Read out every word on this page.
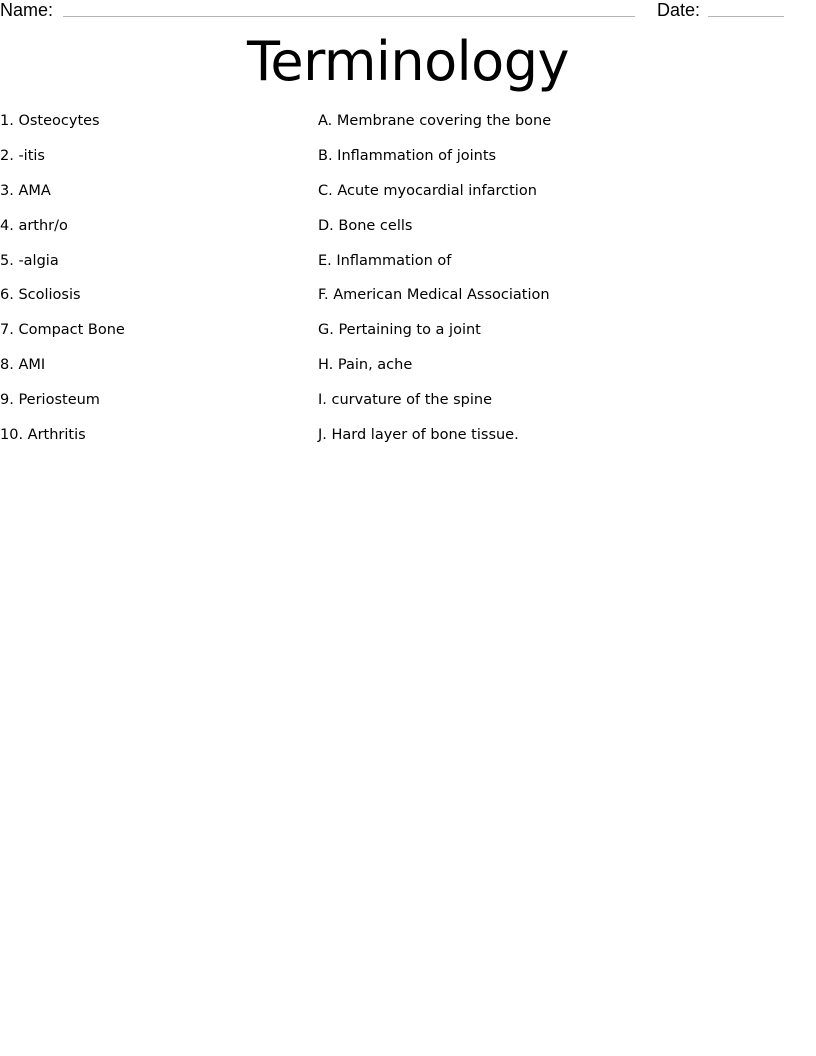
Name:	Date:
Terminology
1. Osteocytes
2. -itis
3. AMA
4. arthr/o
5. -algia
6. Scoliosis
7. Compact Bone
8. AMI
9. Periosteum
10. Arthritis
A. Membrane covering the bone
B. Inflammation of joints
C. Acute myocardial infarction
D. Bone cells
E. Inflammation of
F. American Medical Association
G. Pertaining to a joint
H. Pain, ache
I. curvature of the spine
J. Hard layer of bone tissue.
